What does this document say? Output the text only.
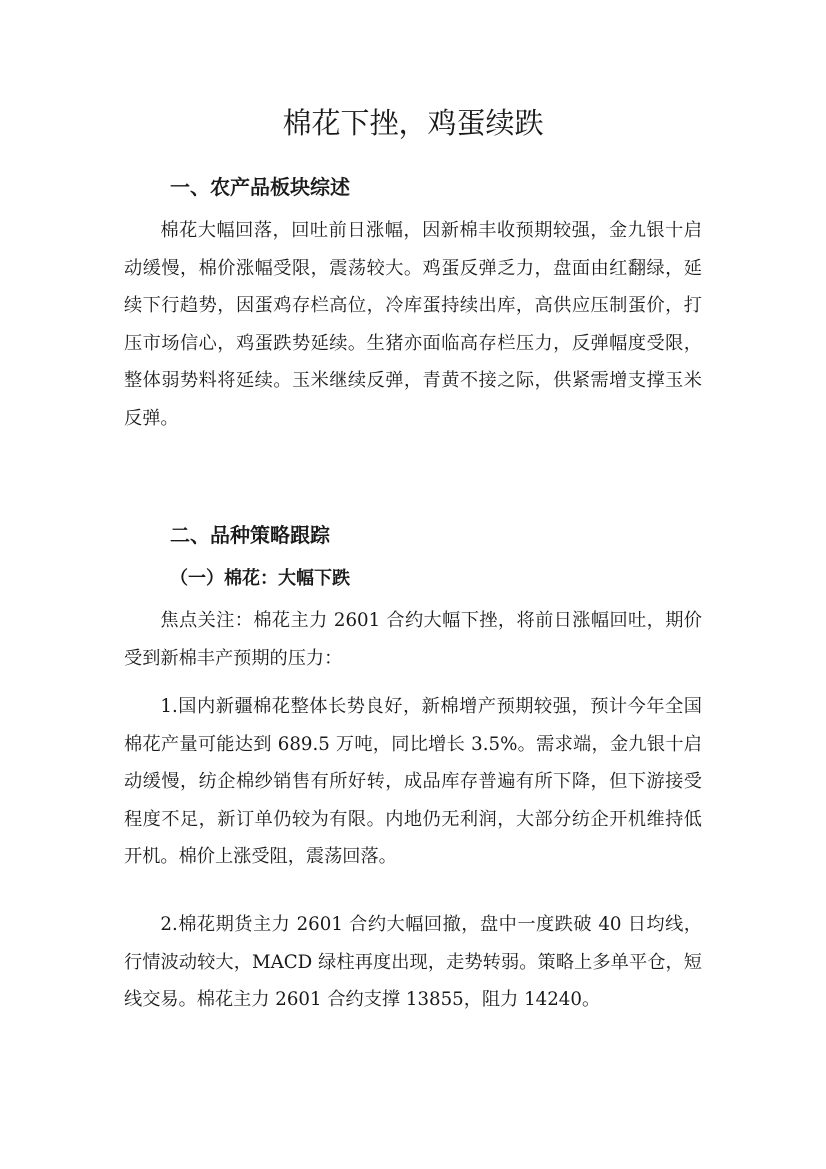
棉花下挫，鸡蛋续跌
一、农产品板块综述

棉花大幅回落，回吐前日涨幅，因新棉丰收预期较强，金九银十启动缓慢，棉价涨幅受限，震荡较大。鸡蛋反弹乏力，盘面由红翻绿，延续下行趋势，因蛋鸡存栏高位，冷库蛋持续出库，高供应压制蛋价，打压市场信心，鸡蛋跌势延续。生猪亦面临高存栏压力，反弹幅度受限，整体弱势料将延续。玉米继续反弹，青黄不接之际，供紧需增支撑玉米反弹。

二、品种策略跟踪
（一）棉花：大幅下跌

焦点关注：棉花主力 2601 合约大幅下挫，将前日涨幅回吐，期价受到新棉丰产预期的压力：

1.国内新疆棉花整体长势良好，新棉增产预期较强，预计今年全国棉花产量可能达到 689.5 万吨，同比增长 3.5%。需求端，金九银十启动缓慢，纺企棉纱销售有所好转，成品库存普遍有所下降，但下游接受程度不足，新订单仍较为有限。内地仍无利润，大部分纺企开机维持低开机。棉价上涨受阻，震荡回落。

2.棉花期货主力 2601 合约大幅回撤，盘中一度跌破 40 日均线，行情波动较大，MACD 绿柱再度出现，走势转弱。策略上多单平仓，短线交易。棉花主力 2601 合约支撑 13855，阻力 14240。
